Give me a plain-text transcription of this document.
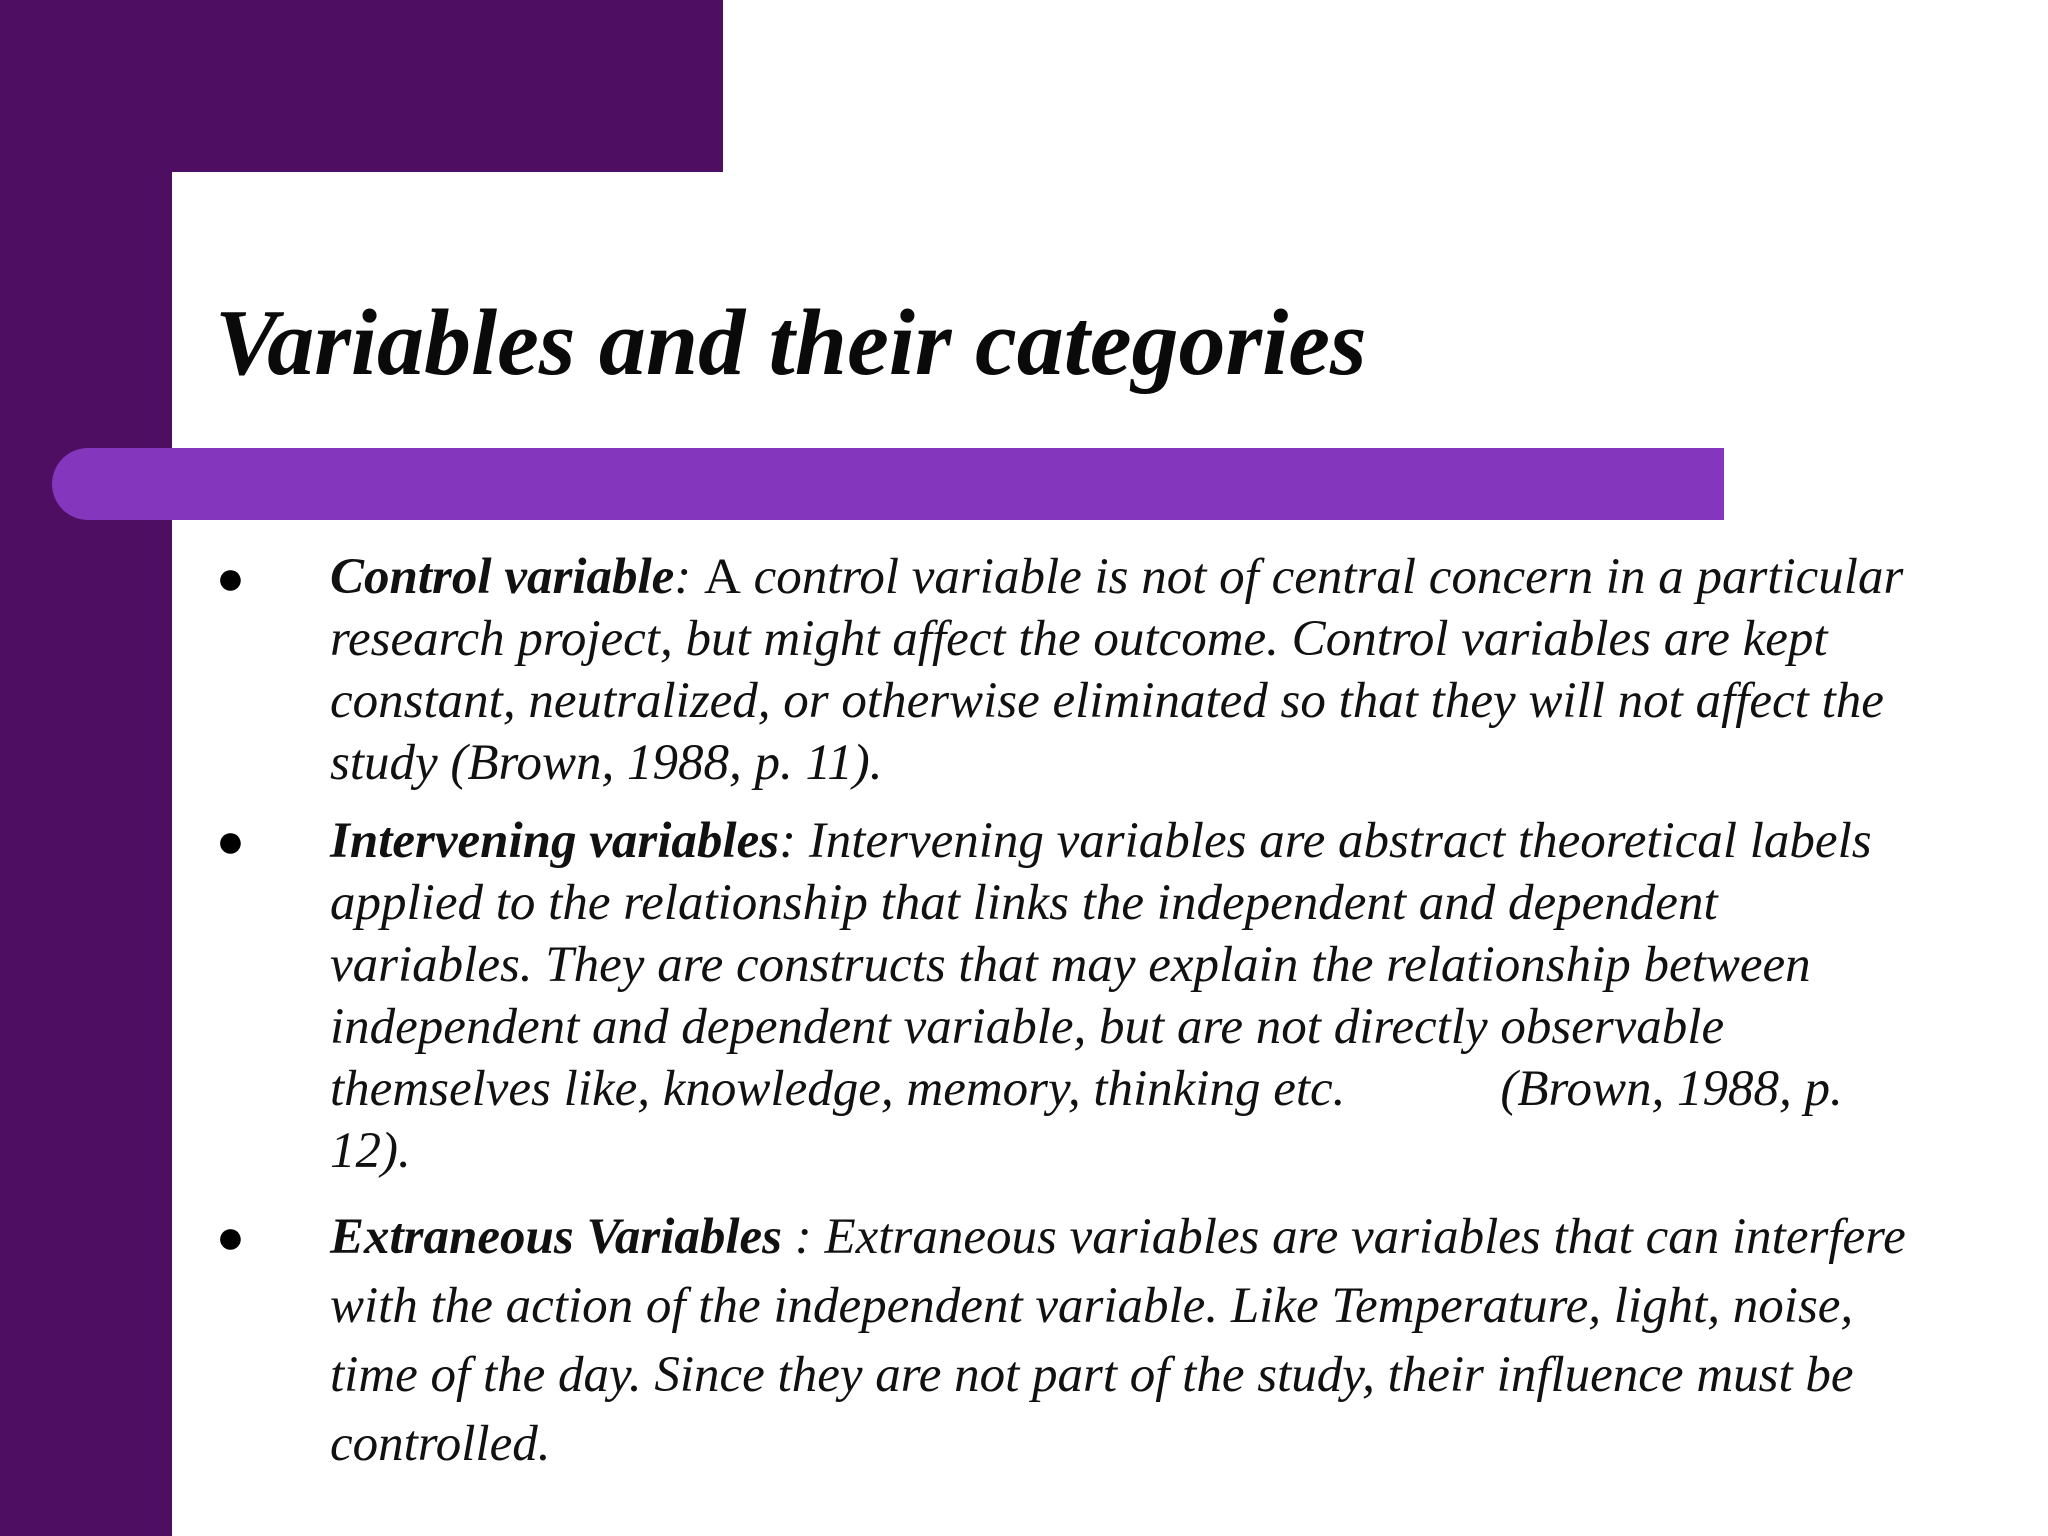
Variables and their categories
● Control variable: A control variable is not of central concern in a particular research project, but might affect the outcome. Control variables are kept constant, neutralized, or otherwise eliminated so that they will not affect the study (Brown, 1988, p. 11).

● Intervening variables: Intervening variables are abstract theoretical labels applied to the relationship that links the independent and dependent variables. They are constructs that may explain the relationship between independent and dependent variable, but are not directly observable themselves like, knowledge, memory, thinking etc.	(Brown, 1988, p. 12).

● Extraneous Variables : Extraneous variables are variables that can interfere with the action of the independent variable. Like Temperature, light, noise, time of the day. Since they are not part of the study, their influence must be controlled.
